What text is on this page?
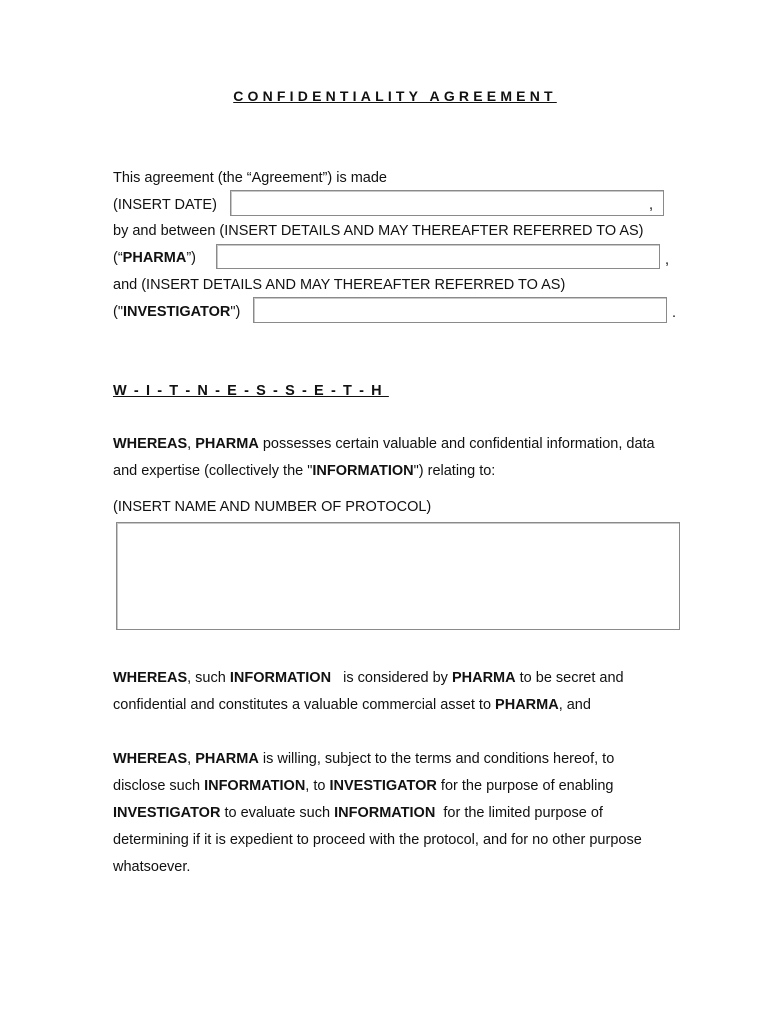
CONFIDENTIALITY AGREEMENT
This agreement (the “Agreement”) is made
(INSERT DATE)	,
by and between (INSERT DETAILS AND MAY THEREAFTER REFERRED TO AS)
(“PHARMA”)	,
and (INSERT DETAILS AND MAY THEREAFTER REFERRED TO AS)
("INVESTIGATOR")	.
W - I - T - N - E - S - S - E - T - H

WHEREAS, PHARMA possesses certain valuable and confidential information, data

and expertise (collectively the "INFORMATION") relating to:

(INSERT NAME AND NUMBER OF PROTOCOL)

WHEREAS, such INFORMATION   is considered by PHARMA to be secret and

confidential and constitutes a valuable commercial asset to PHARMA, and

WHEREAS, PHARMA is willing, subject to the terms and conditions hereof, to

disclose such INFORMATION, to INVESTIGATOR for the purpose of enabling

INVESTIGATOR to evaluate such INFORMATION  for the limited purpose of

determining if it is expedient to proceed with the protocol, and for no other purpose

whatsoever.
